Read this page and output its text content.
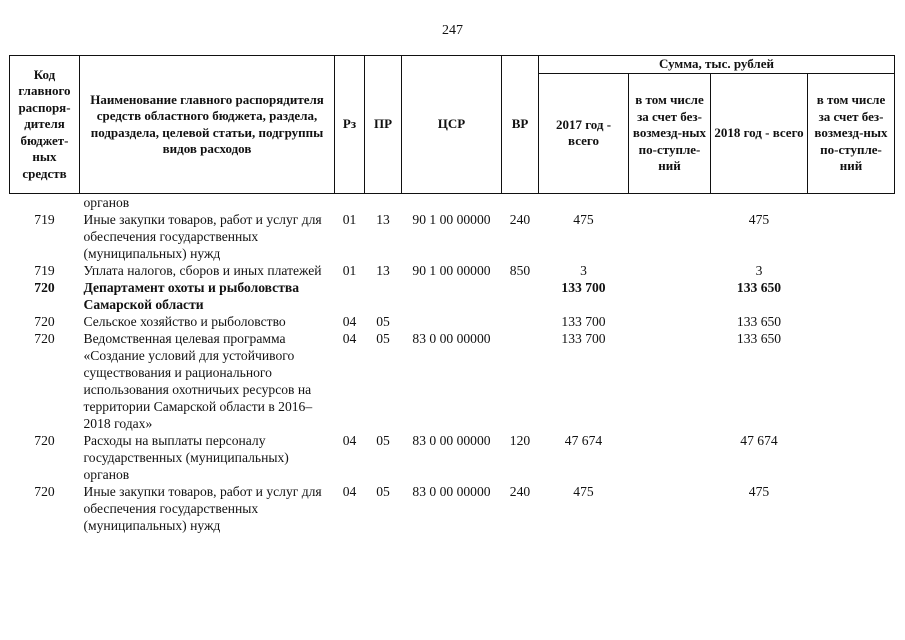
247
Код главного распоря-дителя бюджет-ных средств	Наименование главного распорядителя средств областного бюджета, раздела, подраздела, целевой статьи, подгруппы видов расходов	Рз	ПР	ЦСР	ВР	Сумма, тыс. рублей			
						2017 год - всего	в том числе за счет без-возмезд-ных по-ступле-ний	2018 год - всего	в том числе за счет без-возмезд-ных по-ступле-ний
	органов								
719	Иные закупки товаров, работ и услуг для обеспечения государственных (муниципальных) нужд	01	13	90 1 00 00000	240	475		475	
719	Уплата налогов, сборов и иных платежей	01	13	90 1 00 00000	850	3		3	
720	Департамент охоты и рыболовства Самарской области					133 700		133 650	
720	Сельское хозяйство и рыболовство	04	05			133 700		133 650	
720	Ведомственная целевая программа «Создание условий для устойчивого существования и рационального использования охотничьих ресурсов на территории Самарской области в 2016–2018 годах»	04	05	83 0 00 00000		133 700		133 650	
720	Расходы на выплаты персоналу государственных (муниципальных) органов	04	05	83 0 00 00000	120	47 674		47 674	
720	Иные закупки товаров, работ и услуг для обеспечения государственных (муниципальных) нужд	04	05	83 0 00 00000	240	475		475	
